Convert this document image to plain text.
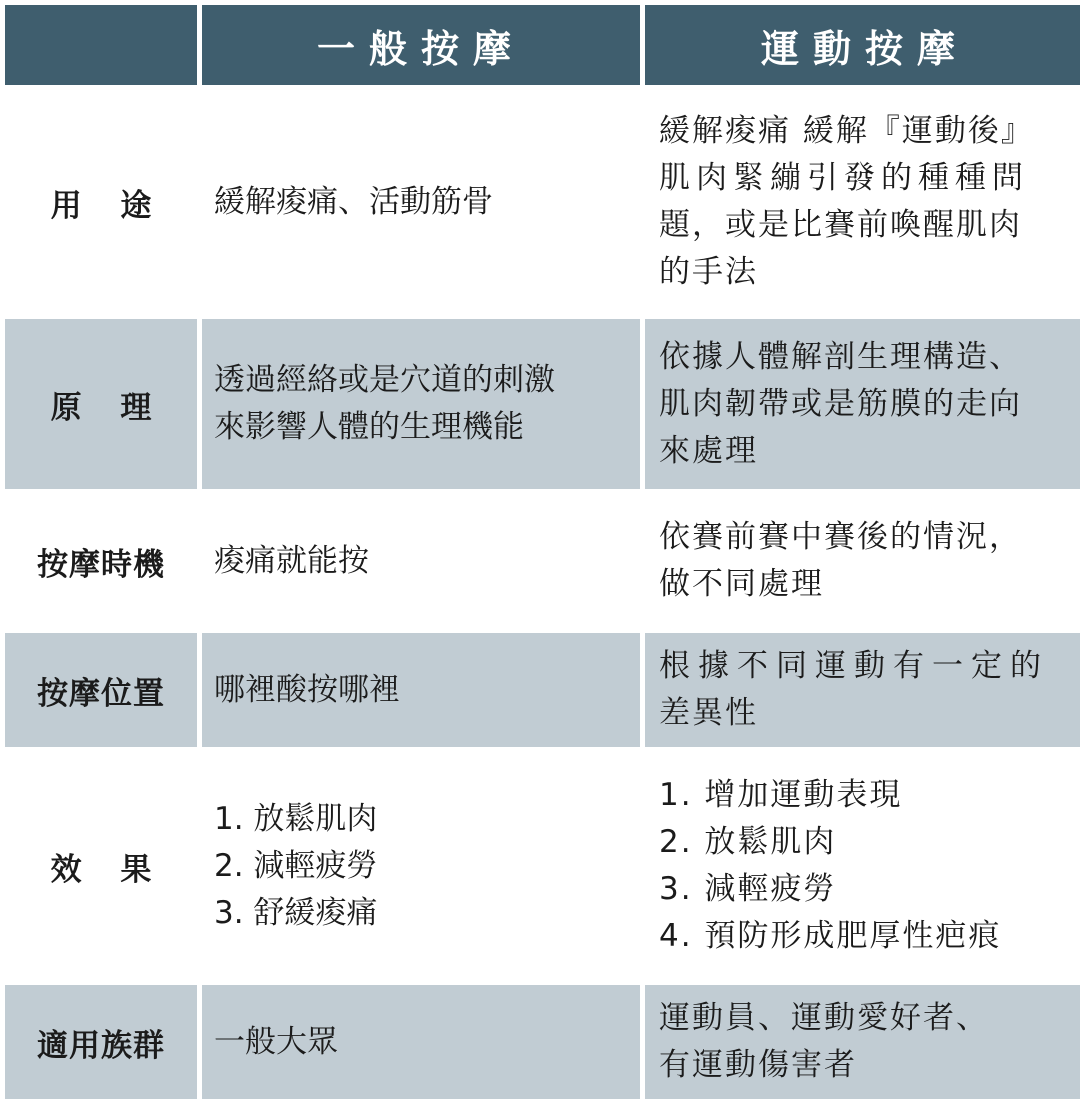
一般按摩	運動按摩
用 途 緩解痠痛、活動筋骨
緩解痠痛 緩解『運動後』
肌肉緊繃引發的種種問
題，或是比賽前喚醒肌肉
的手法
原 理
透過經絡或是穴道的刺激
來影響人體的生理機能
依據人體解剖生理構造、
肌肉韌帶或是筋膜的走向
來處理
按摩時機 痠痛就能按
依賽前賽中賽後的情況，
做不同處理
按摩位置 哪裡酸按哪裡
根據不同運動有一定的
差異性
效 果
1. 放鬆肌肉
2. 減輕疲勞
3. 舒緩痠痛
1. 增加運動表現
2. 放鬆肌肉
3. 減輕疲勞
4. 預防形成肥厚性疤痕
適用族群 一般大眾
運動員、運動愛好者、
有運動傷害者
